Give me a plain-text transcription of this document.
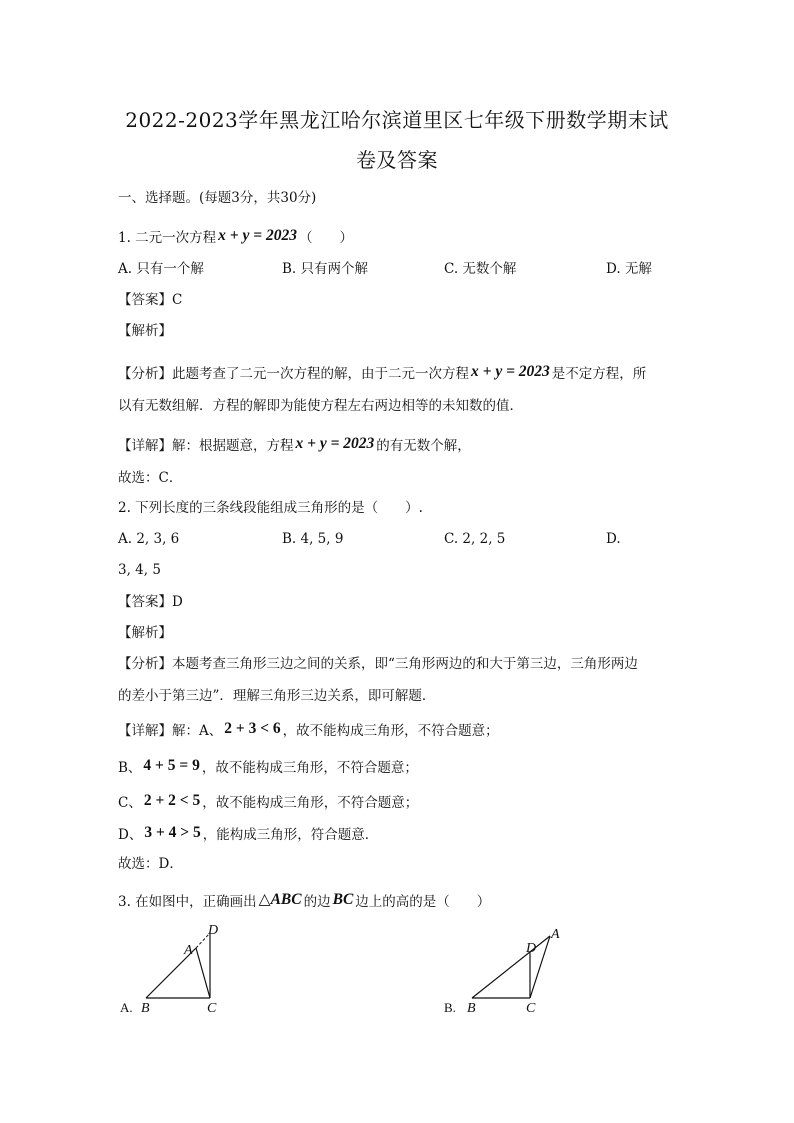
2022-2023学年黑龙江哈尔滨道里区七年级下册数学期末试
卷及答案
一、选择题。(每题3分，共30分)
1. 二元一次方程 x + y = 2023 （　　）
A. 只有一个解	B. 只有两个解	C. 无数个解	D. 无解
【答案】C
【解析】
【分析】此题考查了二元一次方程的解，由于二元一次方程 x + y = 2023 是不定方程，所
以有无数组解．方程的解即为能使方程左右两边相等的未知数的值．
【详解】解：根据题意，方程 x + y = 2023 的有无数个解，
故选：C．
2. 下列长度的三条线段能组成三角形的是（　　）.
A. 2, 3, 6	B. 4, 5, 9	C. 2, 2, 5	D.
3, 4, 5
【答案】D
【解析】
【分析】本题考查三角形三边之间的关系，即“三角形两边的和大于第三边，三角形两边
的差小于第三边”．理解三角形三边关系，即可解题．
【详解】解：A、 2 + 3 < 6 ，故不能构成三角形，不符合题意；
B、 4 + 5 = 9 ，故不能构成三角形，不符合题意；
C、 2 + 2 < 5 ，故不能构成三角形，不符合题意；
D、 3 + 4 > 5 ，能构成三角形，符合题意．
故选：D．
3. 在如图中，正确画出 △ABC 的边 BC 边上的高的是（　　）
A.
A
B	C
D
B.
D
A
B	C
